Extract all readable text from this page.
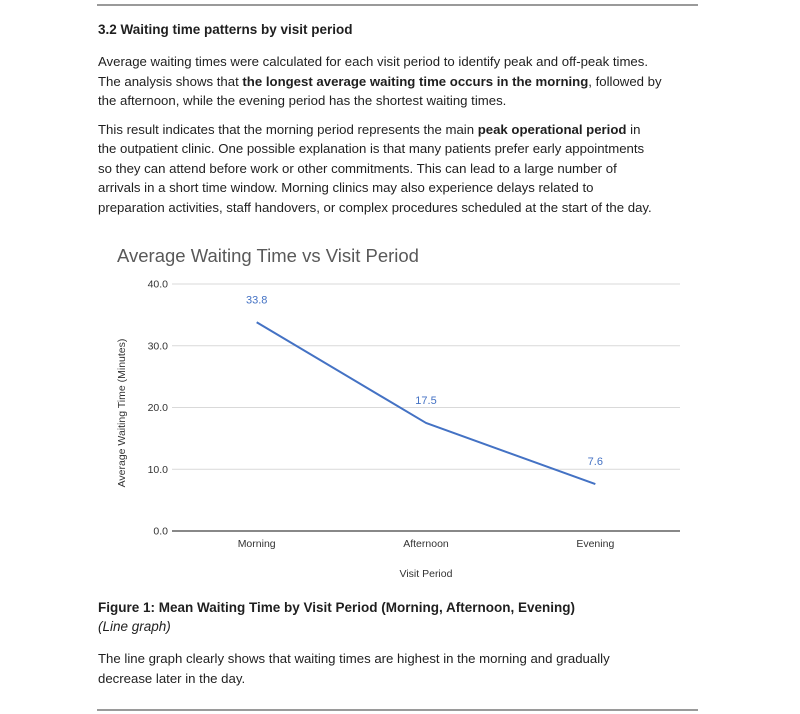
3.2 Waiting time patterns by visit period

Average waiting times were calculated for each visit period to identify peak and off-peak times.
The analysis shows that the longest average waiting time occurs in the morning, followed by
the afternoon, while the evening period has the shortest waiting times.

This result indicates that the morning period represents the main peak operational period in
the outpatient clinic. One possible explanation is that many patients prefer early appointments
so they can attend before work or other commitments. This can lead to a large number of
arrivals in a short time window. Morning clinics may also experience delays related to
preparation activities, staff handovers, or complex procedures scheduled at the start of the day.

Figure 1: Mean Waiting Time by Visit Period (Morning, Afternoon, Evening)
(Line graph)

The line graph clearly shows that waiting times are highest in the morning and gradually
decrease later in the day.

Average Waiting Time vs Visit Period
0.0
10.0
20.0
30.0
40.0
Morning	Afternoon	Evening
33.8
17.5
7.6
Visit Period
Average Waiting Time (Minutes)
